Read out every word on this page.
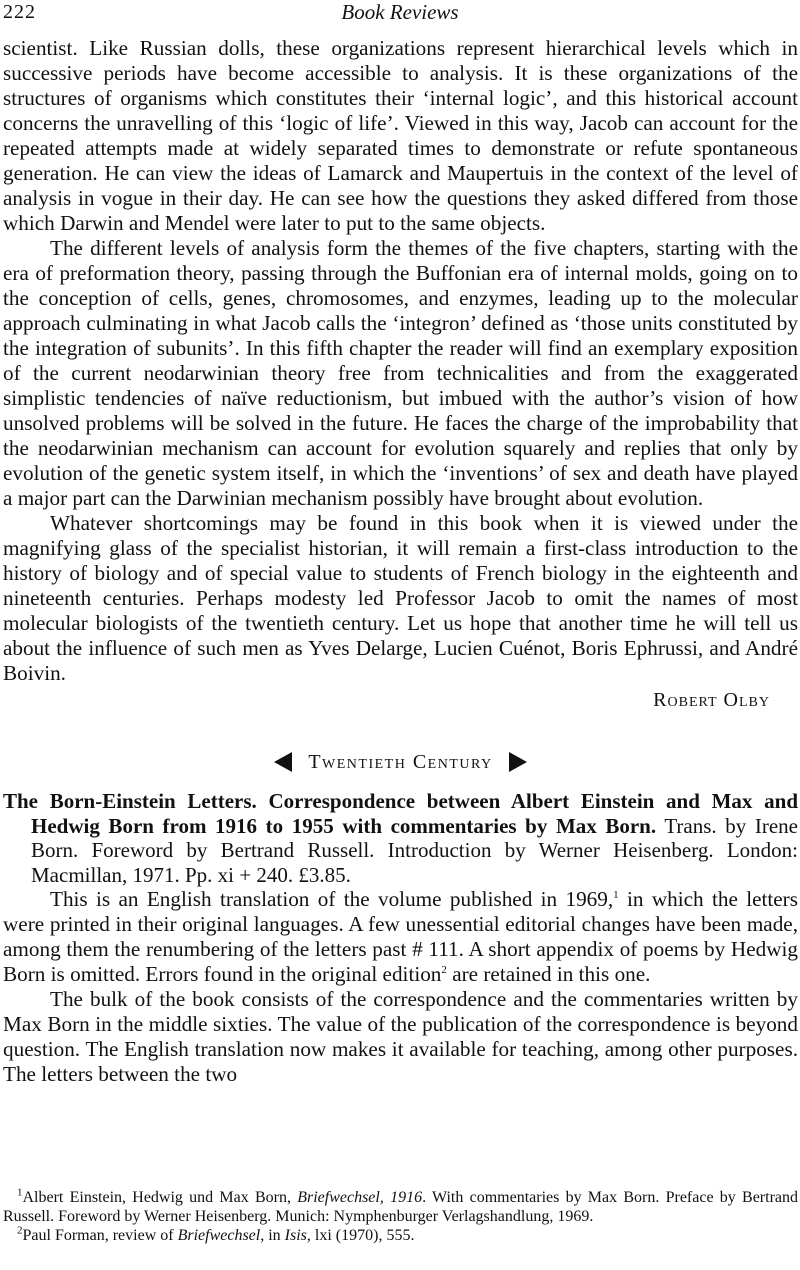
222	Book Reviews

scientist. Like Russian dolls, these organizations represent hierarchical levels which in successive periods have become accessible to analysis. It is these organizations of the structures of organisms which constitutes their ‘internal logic’, and this historical account concerns the unravelling of this ‘logic of life’. Viewed in this way, Jacob can account for the repeated attempts made at widely separated times to demonstrate or refute spontaneous generation. He can view the ideas of Lamarck and Maupertuis in the context of the level of analysis in vogue in their day. He can see how the questions they asked differed from those which Darwin and Mendel were later to put to the same objects.

The different levels of analysis form the themes of the five chapters, starting with the era of preformation theory, passing through the Buffonian era of internal molds, going on to the conception of cells, genes, chromosomes, and enzymes, leading up to the molecular approach culminating in what Jacob calls the ‘integron’ defined as ‘those units constituted by the integration of subunits’. In this fifth chapter the reader will find an exemplary exposition of the current neodarwinian theory free from technicalities and from the exaggerated simplistic tendencies of naïve reductionism, but imbued with the author’s vision of how unsolved problems will be solved in the future. He faces the charge of the improbability that the neodarwinian mechanism can account for evolution squarely and replies that only by evolution of the genetic system itself, in which the ‘inventions’ of sex and death have played a major part can the Darwinian mechanism possibly have brought about evolution.

Whatever shortcomings may be found in this book when it is viewed under the magnifying glass of the specialist historian, it will remain a first-class introduction to the history of biology and of special value to students of French biology in the eighteenth and nineteenth centuries. Perhaps modesty led Professor Jacob to omit the names of most molecular biologists of the twentieth century. Let us hope that another time he will tell us about the influence of such men as Yves Delarge, Lucien Cuénot, Boris Ephrussi, and André Boivin.

Robert Olby
Twentieth Century
The Born-Einstein Letters. Correspondence between Albert Einstein and Max and Hedwig Born from 1916 to 1955 with commentaries by Max Born. Trans. by Irene Born. Foreword by Bertrand Russell. Introduction by Werner Heisenberg. London: Macmillan, 1971. Pp. xi + 240. £3.85.

This is an English translation of the volume published in 1969,$^1$ in which the letters were printed in their original languages. A few unessential editorial changes have been made, among them the renumbering of the letters past # 111. A short appendix of poems by Hedwig Born is omitted. Errors found in the original edition$^2$ are retained in this one.

The bulk of the book consists of the correspondence and the commentaries written by Max Born in the middle sixties. The value of the publication of the correspondence is beyond question. The English translation now makes it available for teaching, among other purposes. The letters between the two

$^1$Albert Einstein, Hedwig und Max Born, Briefwechsel, 1916. With commentaries by Max Born. Preface by Bertrand Russell. Foreword by Werner Heisenberg. Munich: Nymphenburger Verlagshandlung, 1969.

$^2$Paul Forman, review of Briefwechsel, in Isis, lxi (1970), 555.
